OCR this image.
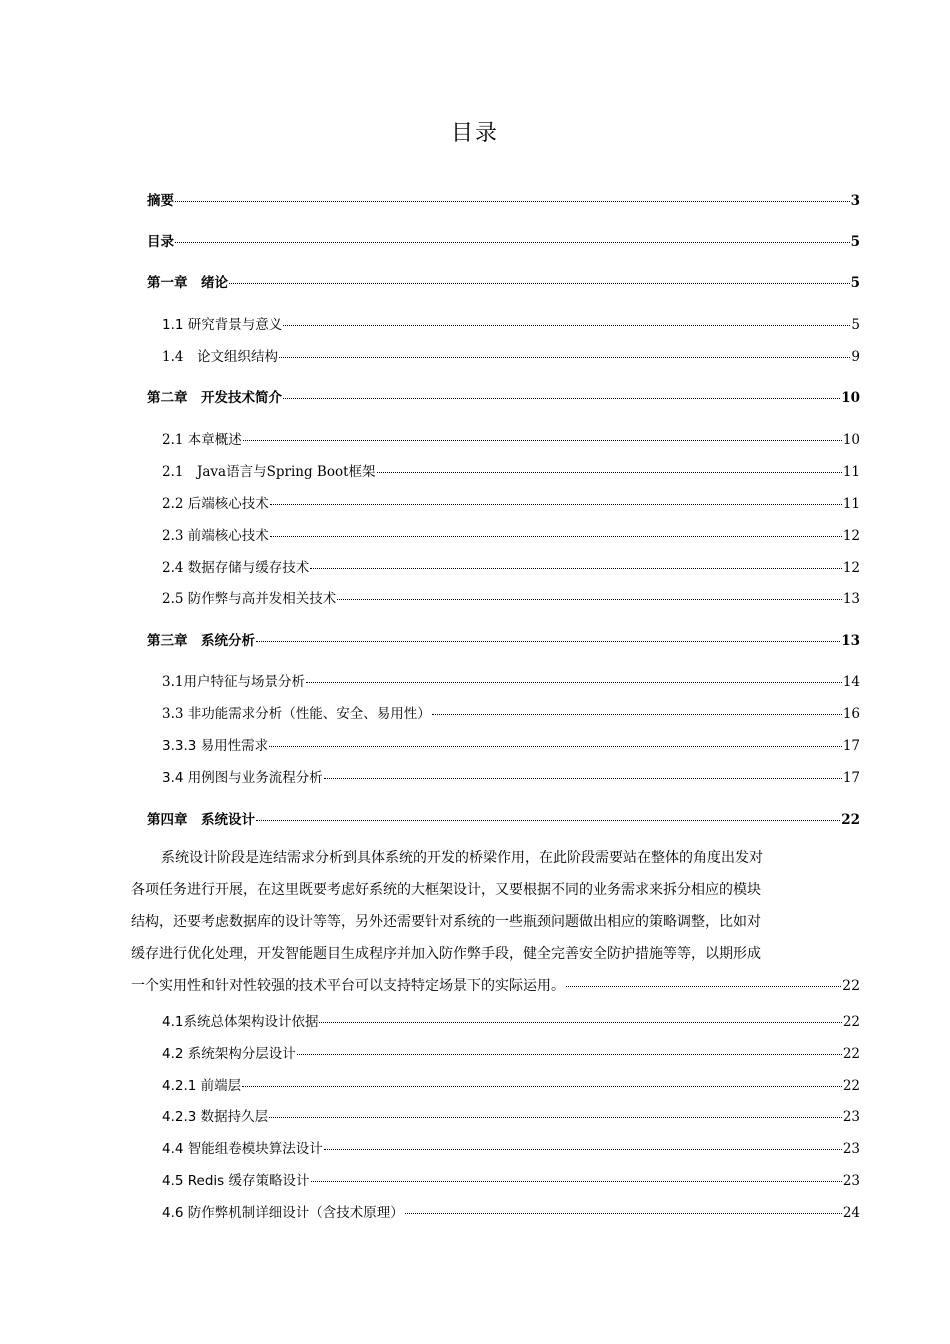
目录
摘要	3
目录	5
第一章　绪论	5
1.1 研究背景与意义	5
1.4　论文组织结构	9
第二章　开发技术简介	10
2.1 本章概述	10
2.1　Java语言与Spring Boot框架	11
2.2 后端核心技术	11
2.3 前端核心技术	12
2.4 数据存储与缓存技术	12
2.5 防作弊与高并发相关技术	13
第三章　系统分析	13
3.1用户特征与场景分析	14
3.3 非功能需求分析（性能、安全、易用性）	16
3.3.3 易用性需求	17
3.4 用例图与业务流程分析	17
第四章　系统设计	22
系统设计阶段是连结需求分析到具体系统的开发的桥梁作用，在此阶段需要站在整体的角度出发对
各项任务进行开展，在这里既要考虑好系统的大框架设计，又要根据不同的业务需求来拆分相应的模块
结构，还要考虑数据库的设计等等，另外还需要针对系统的一些瓶颈问题做出相应的策略调整，比如对
缓存进行优化处理，开发智能题目生成程序并加入防作弊手段，健全完善安全防护措施等等，以期形成
一个实用性和针对性较强的技术平台可以支持特定场景下的实际运用。	22
4.1系统总体架构设计依据	22
4.2 系统架构分层设计	22
4.2.1 前端层	22
4.2.3 数据持久层	23
4.4 智能组卷模块算法设计	23
4.5 Redis 缓存策略设计	23
4.6 防作弊机制详细设计（含技术原理）	24
